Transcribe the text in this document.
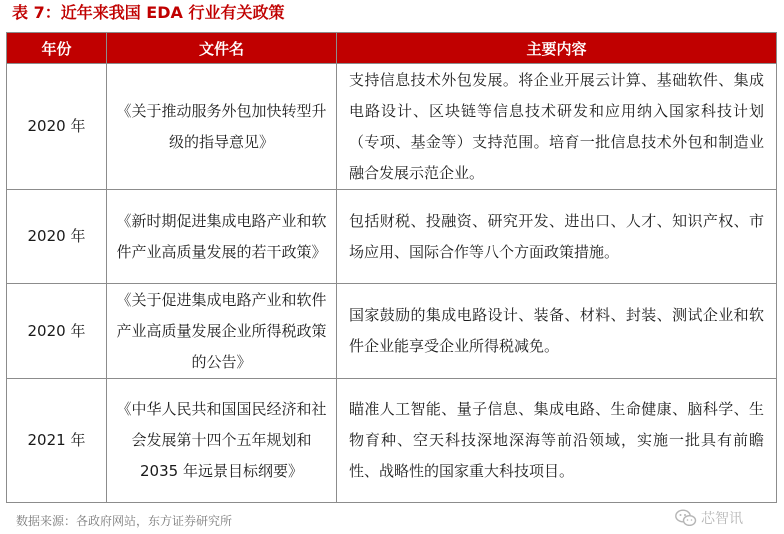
表 7：近年来我国 EDA 行业有关政策
年份	文件名	主要内容
2020 年	《关于推动服务外包加快转型升级的指导意见》	支持信息技术外包发展。将企业开展云计算、基础软件、集成电路设计、区块链等信息技术研发和应用纳入国家科技计划（专项、基金等）支持范围。培育一批信息技术外包和制造业融合发展示范企业。
2020 年	《新时期促进集成电路产业和软件产业高质量发展的若干政策》	包括财税、投融资、研究开发、进出口、人才、知识产权、市场应用、国际合作等八个方面政策措施。
2020 年	《关于促进集成电路产业和软件产业高质量发展企业所得税政策的公告》	国家鼓励的集成电路设计、装备、材料、封装、测试企业和软件企业能享受企业所得税减免。
2021 年	《中华人民共和国国民经济和社会发展第十四个五年规划和 2035 年远景目标纲要》	瞄准人工智能、量子信息、集成电路、生命健康、脑科学、生物育种、空天科技深地深海等前沿领域，实施一批具有前瞻性、战略性的国家重大科技项目。
数据来源：各政府网站，东方证券研究所	芯智讯
